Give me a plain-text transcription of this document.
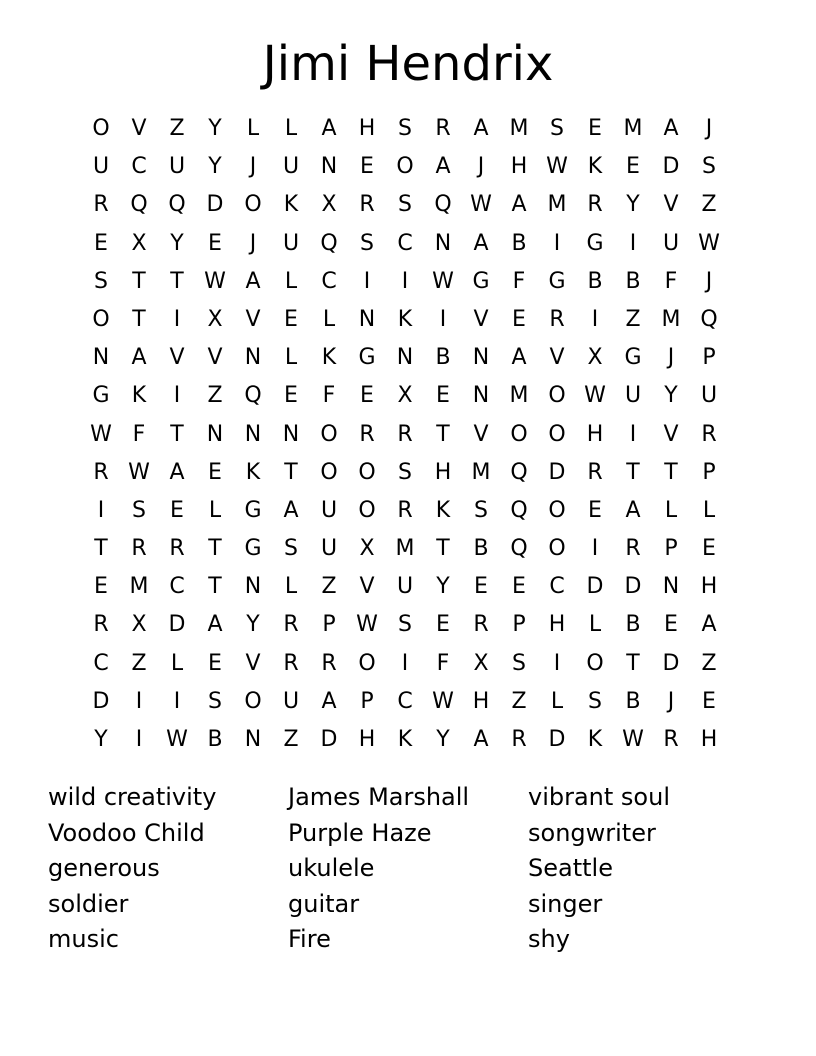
Jimi Hendrix
O V	Z	Y	L	L	A	H	S	R	A M S	E M A	J
U	C	U	Y	J	U N	E	O A	J	H W K	E	D	S
R Q Q D O	K	X	R	S	Q W A M R	Y	V	Z
E	X	Y	E	J	U Q	S	C	N	A	B	I	G	I	U W
S	T	T W A	L	C	I	I	W G	F	G B	B	F	J
O	T	I	X	V	E	L	N	K	I	V	E	R	I	Z M Q
N	A	V	V	N	L	K	G N	B	N	A	V	X G	J	P
G	K	I	Z Q	E	F	E	X	E	N M O W U	Y	U
W F	T	N N N O R	R	T	V O O H	I	V	R
R W A	E	K	T	O O	S	H M Q D R	T	T	P
I	S	E	L	G A	U O R	K	S	Q O	E	A	L	L
T	R	R	T	G	S	U	X M T	B Q O	I	R	P	E
E M C	T	N	L	Z	V	U	Y	E	E	C D D N H
R	X D	A	Y	R	P W S	E	R	P	H	L	B	E	A
C	Z	L	E	V	R	R O	I	F	X	S	I	O	T	D Z
D	I	I	S	O U	A	P	C W H	Z	L	S	B	J	E
Y	I	W B	N	Z D H	K	Y	A	R D	K W R	H
wild creativity	James Marshall	vibrant soul
Voodoo Child	Purple Haze	songwriter
generous	ukulele	Seattle
soldier	guitar	singer
music	Fire	shy
